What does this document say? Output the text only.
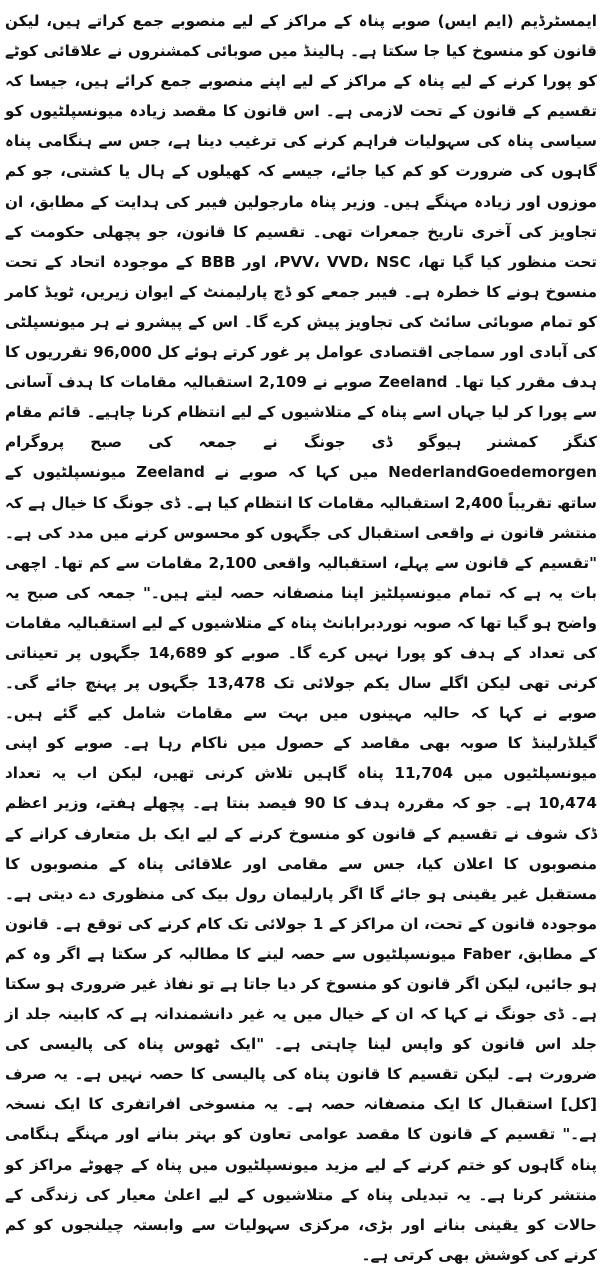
ایمسٹرڈیم (ایم ایس) صوبے پناہ کے مراکز کے لیے منصوبے جمع کراتے ہیں، لیکن قانون کو منسوخ کیا جا سکتا ہے۔ ہالینڈ میں صوبائی کمشنروں نے علاقائی کوٹے کو پورا کرنے کے لیے پناہ کے مراکز کے لیے اپنے منصوبے جمع کرائے ہیں، جیسا کہ تقسیم کے قانون کے تحت لازمی ہے۔ اس قانون کا مقصد زیادہ میونسپلٹیوں کو سیاسی پناہ کی سہولیات فراہم کرنے کی ترغیب دینا ہے، جس سے ہنگامی پناہ گاہوں کی ضرورت کو کم کیا جائے، جیسے کہ کھیلوں کے ہال یا کشتی، جو کم موزوں اور زیادہ مہنگے ہیں۔ وزیر پناہ مارجولین فیبر کی ہدایت کے مطابق، ان تجاویز کی آخری تاریخ جمعرات تھی۔ تقسیم کا قانون، جو پچھلی حکومت کے تحت منظور کیا گیا تھا، PVV، VVD، NSC، اور BBB کے موجودہ اتحاد کے تحت منسوخ ہونے کا خطرہ ہے۔ فیبر جمعے کو ڈچ پارلیمنٹ کے ایوان زیریں، ٹویڈ کامر کو تمام صوبائی سائٹ کی تجاویز پیش کرے گا۔ اس کے پیشرو نے ہر میونسپلٹی کی آبادی اور سماجی اقتصادی عوامل پر غور کرتے ہوئے کل 96,000 تقرریوں کا ہدف مقرر کیا تھا۔ Zeeland صوبے نے 2,109 استقبالیہ مقامات کا ہدف آسانی سے پورا کر لیا جہاں اسے پناہ کے متلاشیوں کے لیے انتظام کرنا چاہیے۔ قائم مقام کنگز کمشنر ہیوگو ڈی جونگ نے جمعہ کی صبح پروگرام NederlandGoedemorgen میں کہا کہ صوبے نے Zeeland میونسپلٹیوں کے ساتھ تقریباً 2,400 استقبالیہ مقامات کا انتظام کیا ہے۔ ڈی جونگ کا خیال ہے کہ منتشر قانون نے واقعی استقبال کی جگہوں کو محسوس کرنے میں مدد کی ہے۔ "تقسیم کے قانون سے پہلے، استقبالیہ واقعی 2,100 مقامات سے کم تھا۔ اچھی بات یہ ہے کہ تمام میونسپلٹیز اپنا منصفانہ حصہ لیتے ہیں۔" جمعہ کی صبح یہ واضح ہو گیا تھا کہ صوبہ نوردبرابانٹ پناہ کے متلاشیوں کے لیے استقبالیہ مقامات کی تعداد کے ہدف کو پورا نہیں کرے گا۔ صوبے کو 14,689 جگہوں پر تعیناتی کرنی تھی لیکن اگلے سال یکم جولائی تک 13,478 جگہوں پر پہنچ جائے گی۔ صوبے نے کہا کہ حالیہ مہینوں میں بہت سے مقامات شامل کیے گئے ہیں۔ گیلڈرلینڈ کا صوبہ بھی مقاصد کے حصول میں ناکام رہا ہے۔ صوبے کو اپنی میونسپلٹیوں میں 11,704 پناہ گاہیں تلاش کرنی تھیں، لیکن اب یہ تعداد 10,474 ہے۔ جو کہ مقررہ ہدف کا 90 فیصد بنتا ہے۔ پچھلے ہفتے، وزیر اعظم ڈک شوف نے تقسیم کے قانون کو منسوخ کرنے کے لیے ایک بل متعارف کرانے کے منصوبوں کا اعلان کیا، جس سے مقامی اور علاقائی پناہ کے منصوبوں کا مستقبل غیر یقینی ہو جائے گا اگر پارلیمان رول بیک کی منظوری دے دیتی ہے۔ موجودہ قانون کے تحت، ان مراکز کے 1 جولائی تک کام کرنے کی توقع ہے۔ قانون کے مطابق، Faber میونسپلٹیوں سے حصہ لینے کا مطالبہ کر سکتا ہے اگر وہ کم ہو جائیں، لیکن اگر قانون کو منسوخ کر دیا جاتا ہے تو نفاذ غیر ضروری ہو سکتا ہے۔ ڈی جونگ نے کہا کہ ان کے خیال میں یہ غیر دانشمندانہ ہے کہ کابینہ جلد از جلد اس قانون کو واپس لینا چاہتی ہے۔ "ایک ٹھوس پناہ کی پالیسی کی ضرورت ہے۔ لیکن تقسیم کا قانون پناہ کی پالیسی کا حصہ نہیں ہے۔ یہ صرف [کل] استقبال کا ایک منصفانہ حصہ ہے۔ یہ منسوخی افراتفری کا ایک نسخہ ہے۔" تقسیم کے قانون کا مقصد عوامی تعاون کو بہتر بنانے اور مہنگے ہنگامی پناہ گاہوں کو ختم کرنے کے لیے مزید میونسپلٹیوں میں پناہ کے چھوٹے مراکز کو منتشر کرنا ہے۔ یہ تبدیلی پناہ کے متلاشیوں کے لیے اعلیٰ معیار کی زندگی کے حالات کو یقینی بنانے اور بڑی، مرکزی سہولیات سے وابستہ چیلنجوں کو کم کرنے کی کوشش بھی کرتی ہے۔
